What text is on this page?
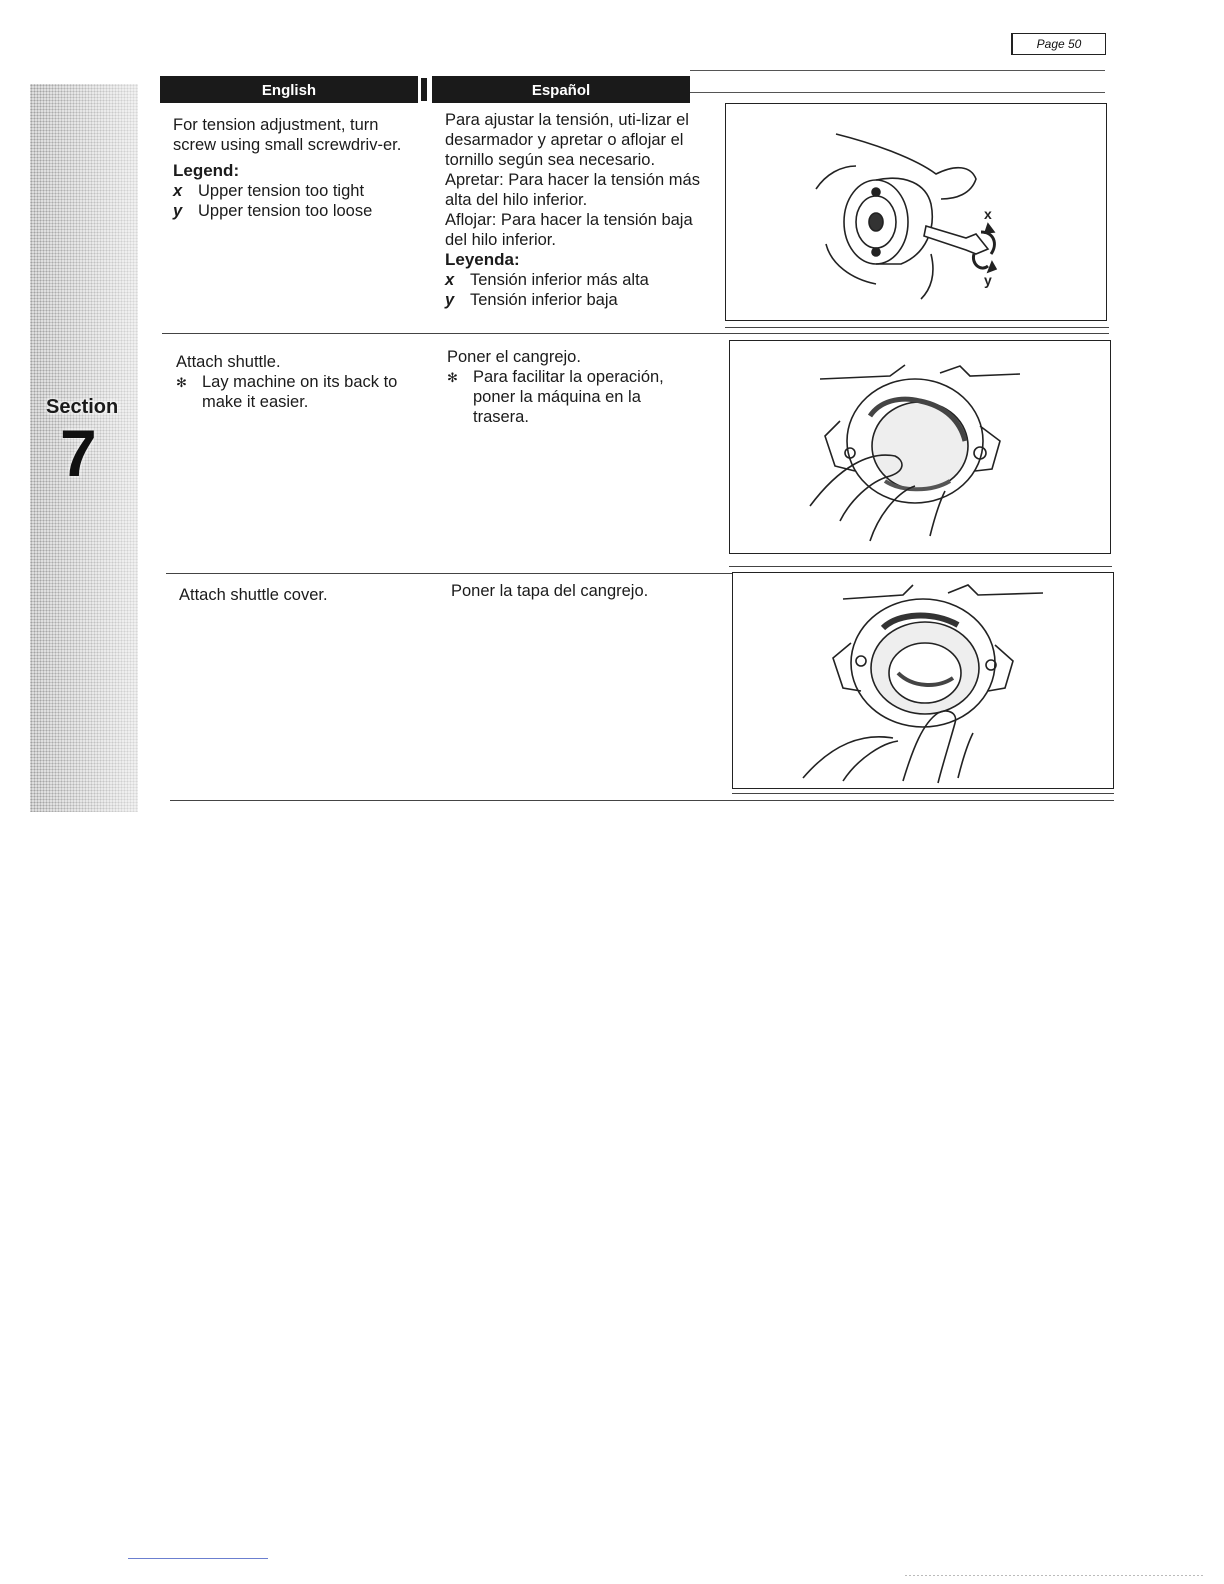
Section
7
Page 50
English	Español

For tension adjustment, turn screw using small screwdriv-er.

Legend:

x Upper tension too tight
y Upper tension too loose

Para ajustar la tensión, uti-lizar el desarmador y apretar o aflojar el tornillo según sea necesario.

Apretar: Para hacer la tensión más alta del hilo inferior.

Aflojar: Para hacer la tensión baja del hilo inferior.

Leyenda:

x Tensión inferior más alta
y Tensión inferior baja
x
y

Attach shuttle.

✻ Lay machine on its back to make it easier.

Poner el cangrejo.

✻ Para facilitar la operación, poner la máquina en la trasera.

Attach shuttle cover.	Poner la tapa del cangrejo.
